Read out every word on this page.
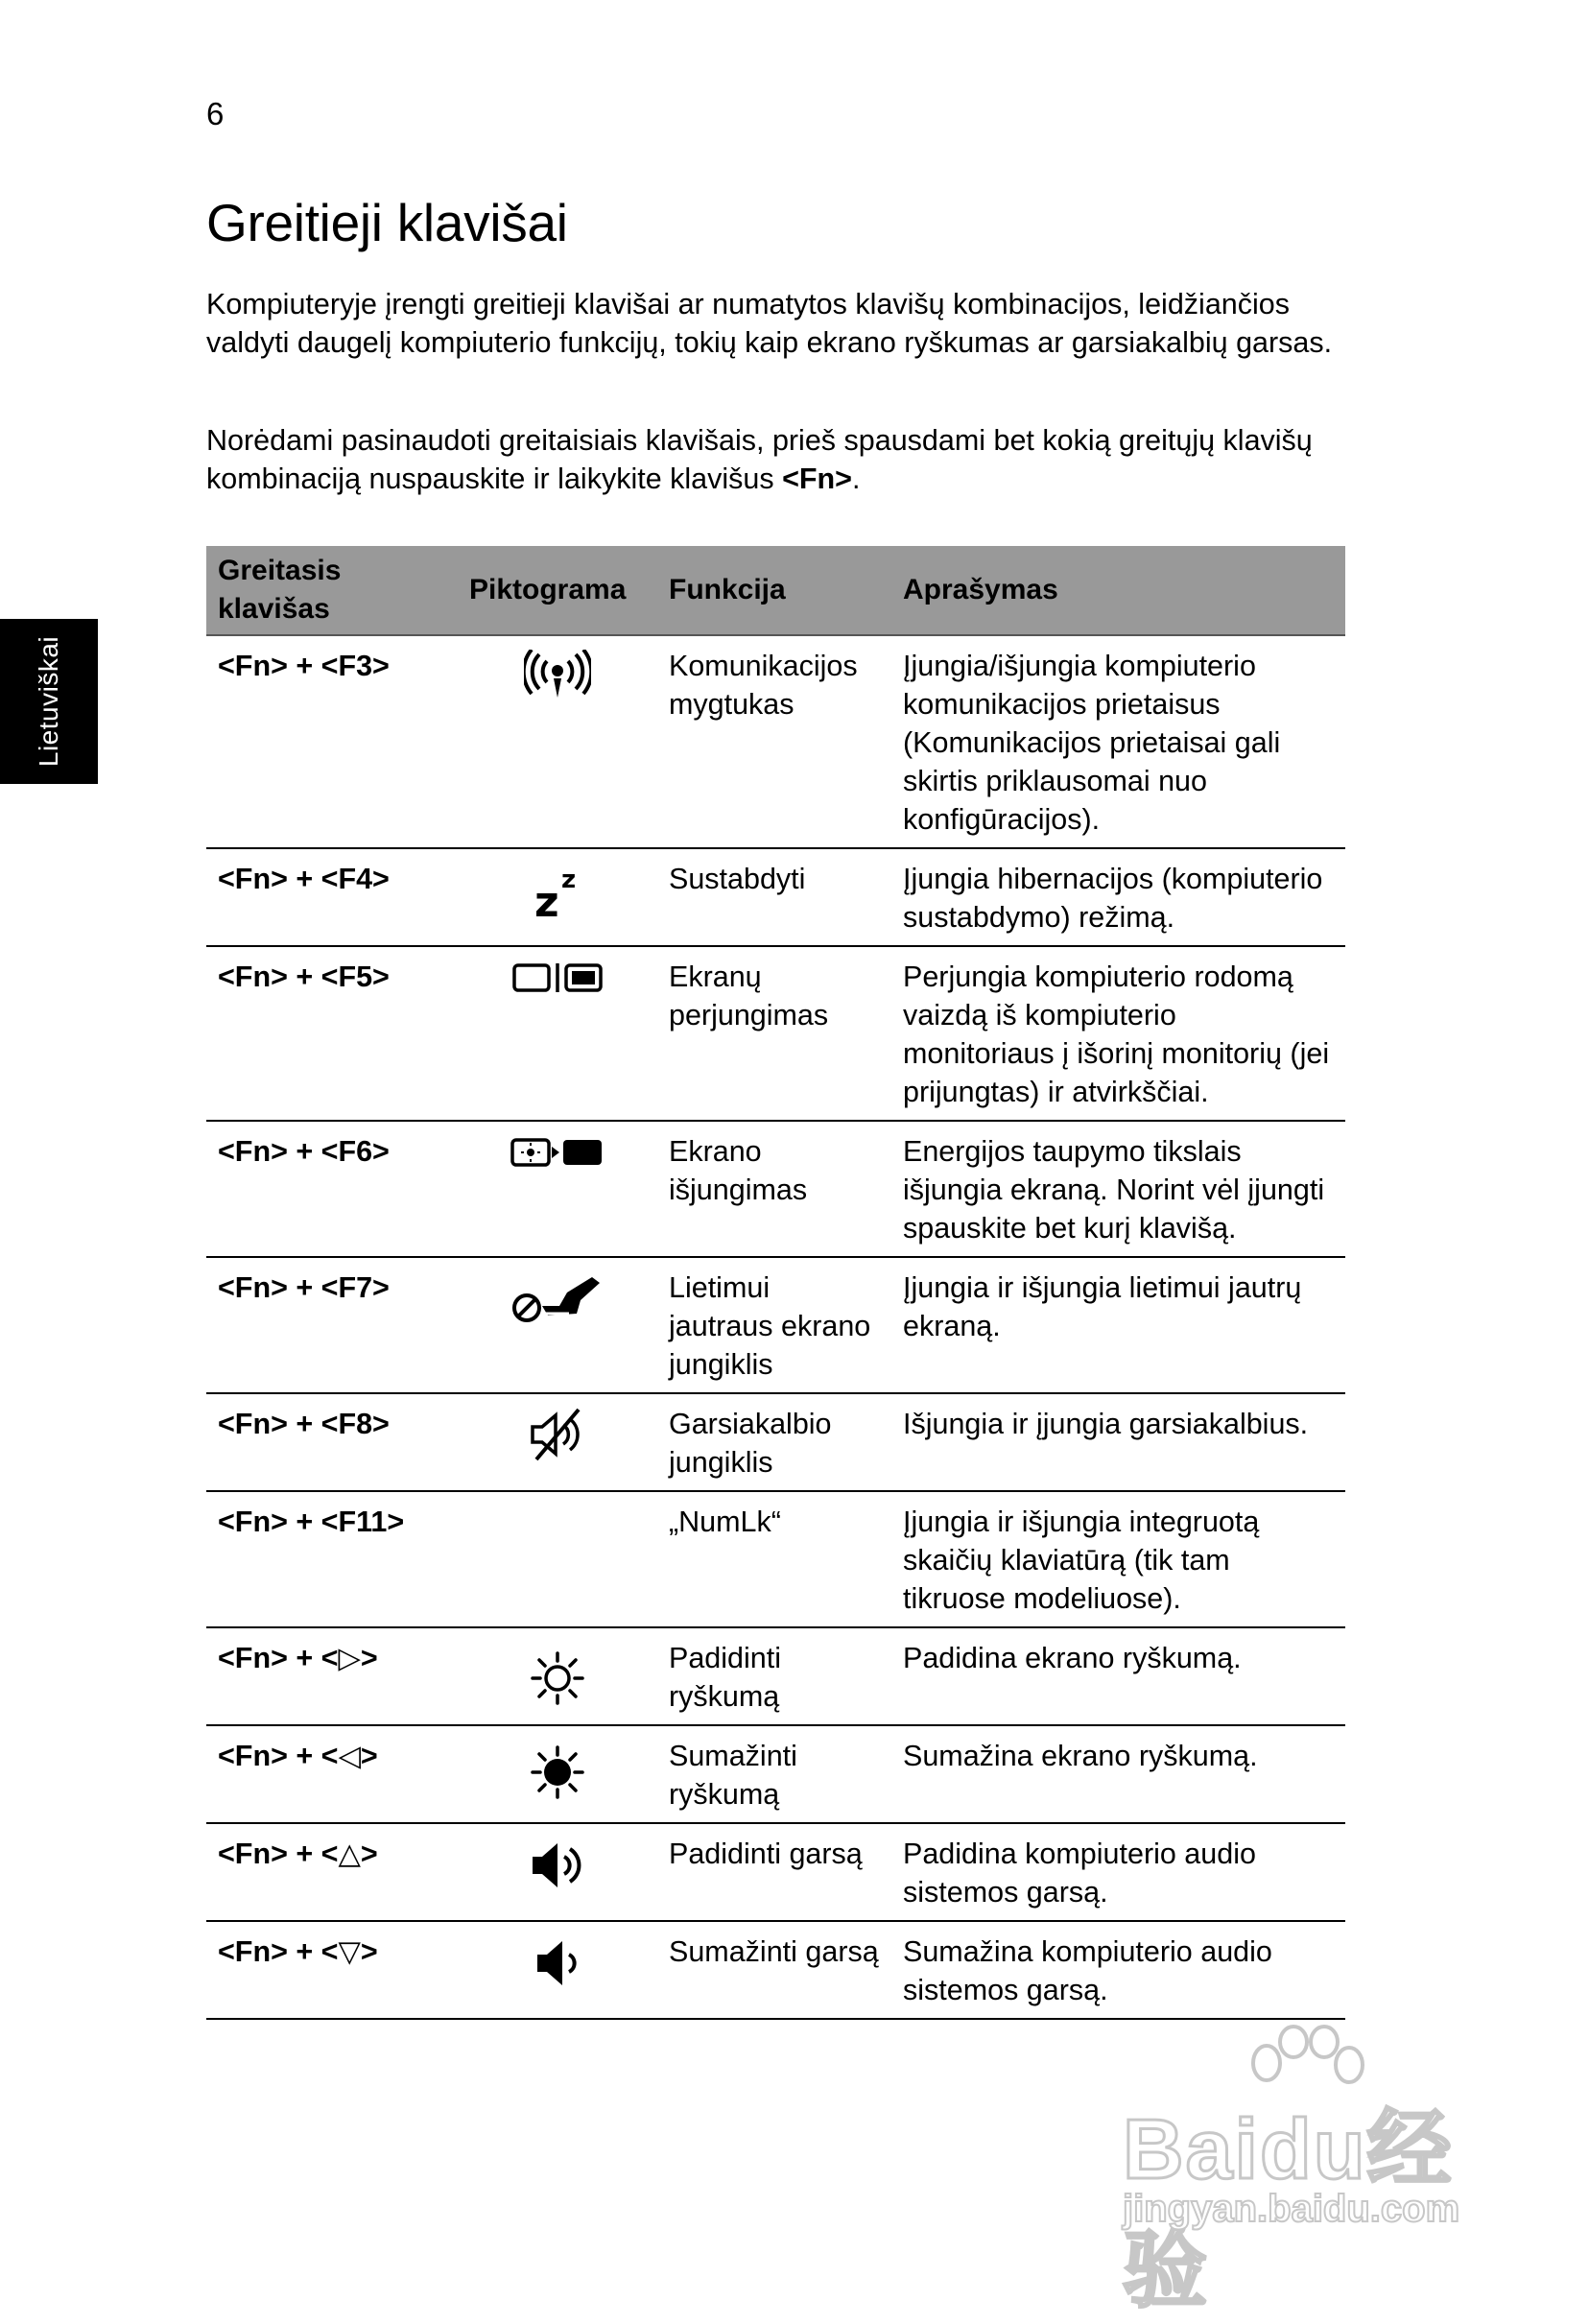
6
Lietuviškai
Greitieji klavišai

Kompiuteryje įrengti greitieji klavišai ar numatytos klavišų kombinacijos, leidžiančios valdyti daugelį kompiuterio funkcijų, tokių kaip ekrano ryškumas ar garsiakalbių garsas.

Norėdami pasinaudoti greitaisiais klavišais, prieš spausdami bet kokią greitųjų klavišų kombinaciją nuspauskite ir laikykite klavišus <Fn>.

Greitasis klavišas	Piktograma	Funkcija	Aprašymas
<Fn> + <F3>		Komunikacijos mygtukas	Įjungia/išjungia kompiuterio komunikacijos prietaisus (Komunikacijos prietaisai gali skirtis priklausomai nuo konfigūracijos).
<Fn> + <F4>	z z	Sustabdyti	Įjungia hibernacijos (kompiuterio sustabdymo) režimą.
<Fn> + <F5>		Ekranų perjungimas	Perjungia kompiuterio rodomą vaizdą iš kompiuterio monitoriaus į išorinį monitorių (jei prijungtas) ir atvirkščiai.
<Fn> + <F6>		Ekrano išjungimas	Energijos taupymo tikslais išjungia ekraną. Norint vėl įjungti spauskite bet kurį klavišą.
<Fn> + <F7>		Lietimui jautraus ekrano jungiklis	Įjungia ir išjungia lietimui jautrų ekraną.
<Fn> + <F8>		Garsiakalbio jungiklis	Išjungia ir įjungia garsiakalbius.
<Fn> + <F11>		„NumLk“	Įjungia ir išjungia integruotą skaičių klaviatūrą (tik tam tikruose modeliuose).
<Fn> + <▷>		Padidinti ryškumą	Padidina ekrano ryškumą.
<Fn> + <◁>		Sumažinti ryškumą	Sumažina ekrano ryškumą.
<Fn> + <△>		Padidinti garsą	Padidina kompiuterio audio sistemos garsą.
<Fn> + <▽>		Sumažinti garsą	Sumažina kompiuterio audio sistemos garsą.
Baidu经验
jingyan.baidu.com
